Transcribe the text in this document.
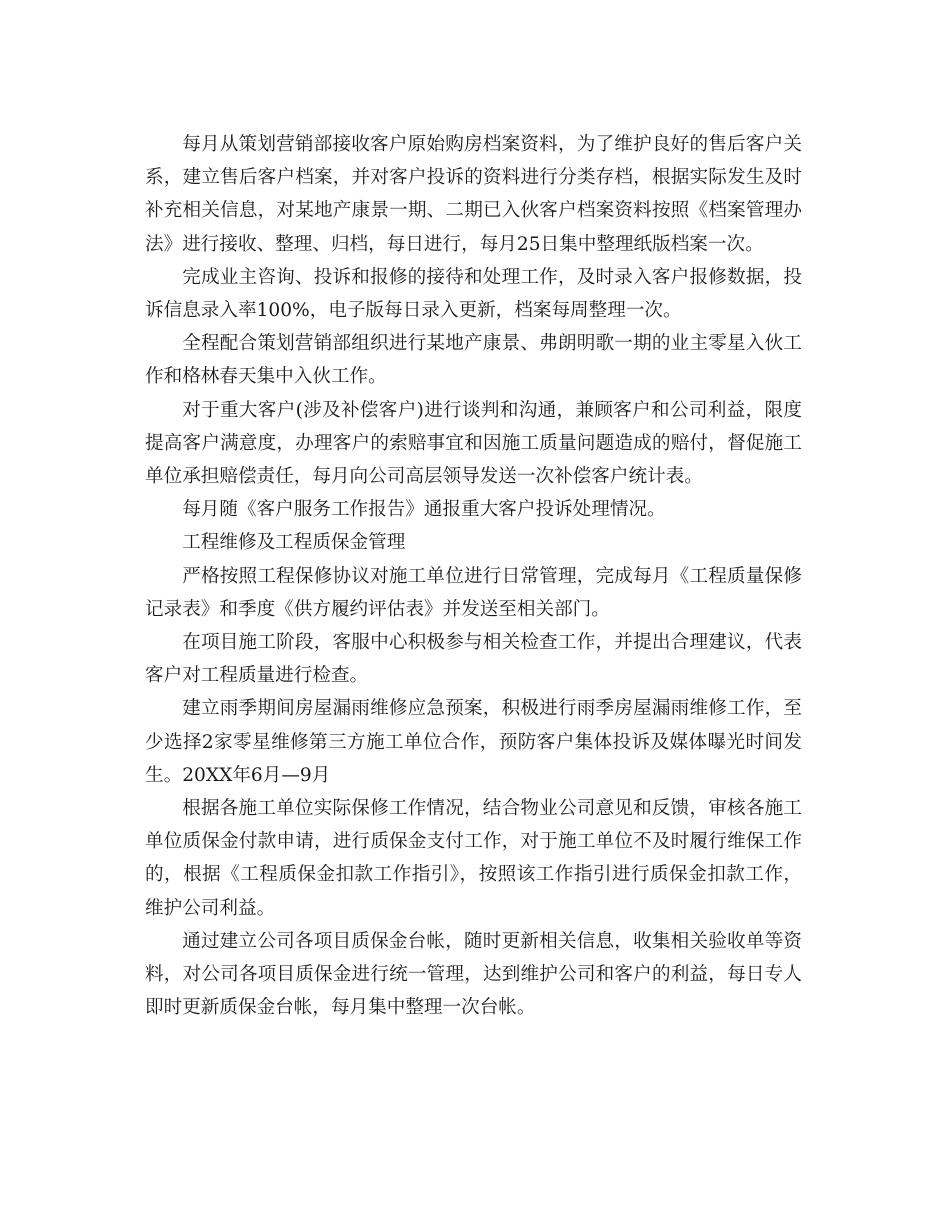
每月从策划营销部接收客户原始购房档案资料，为了维护良好的售后客户关系，建立售后客户档案，并对客户投诉的资料进行分类存档，根据实际发生及时补充相关信息，对某地产康景一期、二期已入伙客户档案资料按照《档案管理办法》进行接收、整理、归档，每日进行，每月25日集中整理纸版档案一次。

完成业主咨询、投诉和报修的接待和处理工作，及时录入客户报修数据，投诉信息录入率100%，电子版每日录入更新，档案每周整理一次。

全程配合策划营销部组织进行某地产康景、弗朗明歌一期的业主零星入伙工作和格林春天集中入伙工作。

对于重大客户(涉及补偿客户)进行谈判和沟通，兼顾客户和公司利益，限度提高客户满意度，办理客户的索赔事宜和因施工质量问题造成的赔付，督促施工单位承担赔偿责任，每月向公司高层领导发送一次补偿客户统计表。

每月随《客户服务工作报告》通报重大客户投诉处理情况。

工程维修及工程质保金管理

严格按照工程保修协议对施工单位进行日常管理，完成每月《工程质量保修记录表》和季度《供方履约评估表》并发送至相关部门。

在项目施工阶段，客服中心积极参与相关检查工作，并提出合理建议，代表客户对工程质量进行检查。

建立雨季期间房屋漏雨维修应急预案，积极进行雨季房屋漏雨维修工作，至少选择2家零星维修第三方施工单位合作，预防客户集体投诉及媒体曝光时间发生。20XX年6月—9月

根据各施工单位实际保修工作情况，结合物业公司意见和反馈，审核各施工单位质保金付款申请，进行质保金支付工作，对于施工单位不及时履行维保工作的，根据《工程质保金扣款工作指引》，按照该工作指引进行质保金扣款工作，维护公司利益。

通过建立公司各项目质保金台帐，随时更新相关信息，收集相关验收单等资料，对公司各项目质保金进行统一管理，达到维护公司和客户的利益，每日专人即时更新质保金台帐，每月集中整理一次台帐。
